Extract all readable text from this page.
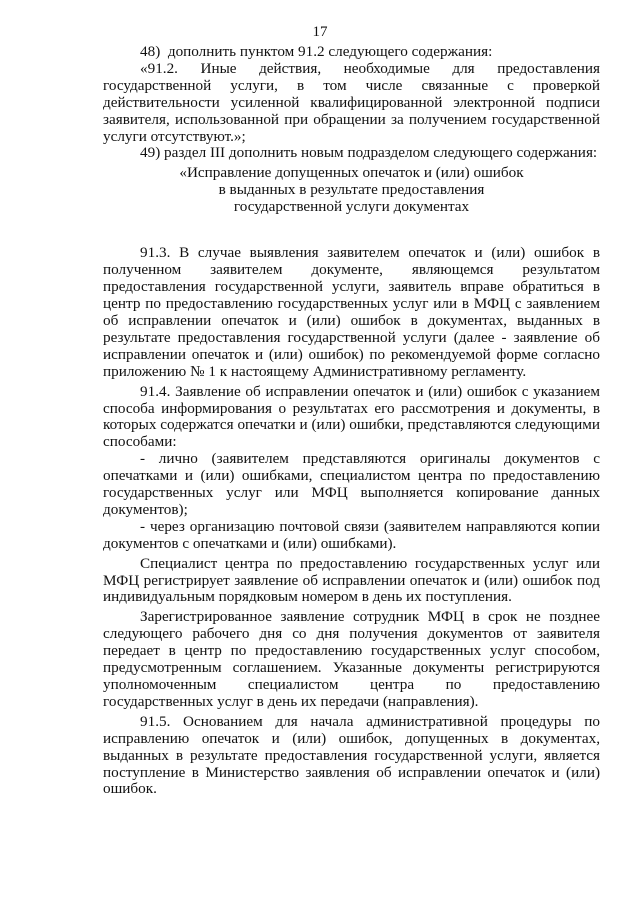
17

48)  дополнить пунктом 91.2 следующего содержания:

«91.2. Иные действия, необходимые для предоставления государственной услуги, в том числе связанные с проверкой действительности усиленной квалифицированной электронной подписи заявителя, использованной при обращении за получением государственной услуги отсутствуют.»;

49) раздел III дополнить новым подразделом следующего содержания:

«Исправление допущенных опечаток и (или) ошибок
в выданных в результате предоставления
государственной услуги документах

91.3. В случае выявления заявителем опечаток и (или) ошибок в полученном заявителем документе, являющемся результатом предоставления государственной услуги, заявитель вправе обратиться в центр по предоставлению государственных услуг или в МФЦ с заявлением об исправлении опечаток и (или) ошибок в документах, выданных в результате предоставления государственной услуги (далее - заявление об исправлении опечаток и (или) ошибок) по рекомендуемой форме согласно приложению № 1 к настоящему Административному регламенту.

91.4. Заявление об исправлении опечаток и (или) ошибок с указанием способа информирования о результатах его рассмотрения и документы, в которых содержатся опечатки и (или) ошибки, представляются следующими способами:

- лично (заявителем представляются оригиналы документов с опечатками и (или) ошибками, специалистом центра по предоставлению государственных услуг или МФЦ выполняется копирование данных документов);

- через организацию почтовой связи (заявителем направляются копии документов с опечатками и (или) ошибками).

Специалист центра по предоставлению государственных услуг или МФЦ регистрирует заявление об исправлении опечаток и (или) ошибок под индивидуальным порядковым номером в день их поступления.

Зарегистрированное заявление сотрудник МФЦ в срок не позднее следующего рабочего дня со дня получения документов от заявителя передает в центр по предоставлению государственных услуг способом, предусмотренным соглашением. Указанные документы регистрируются уполномоченным специалистом центра по предоставлению государственных услуг в день их передачи (направления).

91.5. Основанием для начала административной процедуры по исправлению опечаток и (или) ошибок, допущенных в документах, выданных в результате предоставления государственной услуги, является поступление в Министерство заявления об исправлении опечаток и (или) ошибок.
